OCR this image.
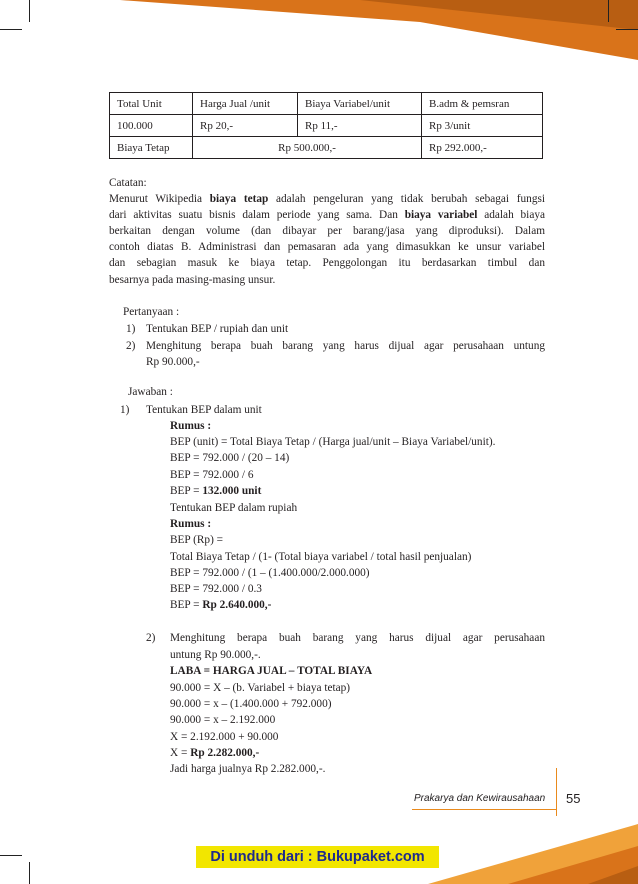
Total Unit	Harga Jual /unit	Biaya Variabel/unit	B.adm & pemsran
100.000	Rp 20,-	Rp 11,-	Rp 3/unit
Biaya Tetap	Rp 500.000,-		Rp 292.000,-
Catatan:
Menurut Wikipedia biaya tetap adalah pengeluran yang tidak berubah sebagai fungsi
dari aktivitas suatu bisnis dalam periode yang sama. Dan biaya variabel adalah biaya
berkaitan dengan volume (dan dibayar per barang/jasa yang diproduksi). Dalam
contoh diatas B. Administrasi dan pemasaran ada yang dimasukkan ke unsur variabel
dan sebagian masuk ke biaya tetap. Penggolongan itu berdasarkan timbul dan
besarnya pada masing-masing unsur.
Pertanyaan :
1) Tentukan BEP / rupiah dan unit
2) Menghitung berapa buah barang yang harus dijual agar perusahaan untung
Rp 90.000,-
Jawaban :
1) Tentukan BEP dalam unit
Rumus :
BEP (unit) = Total Biaya Tetap / (Harga jual/unit – Biaya Variabel/unit).
BEP = 792.000 / (20 – 14)
BEP = 792.000 / 6
BEP = 132.000 unit
Tentukan BEP dalam rupiah
Rumus :
BEP (Rp) =
Total Biaya Tetap / (1- (Total biaya variabel / total hasil penjualan)
BEP = 792.000 / (1 – (1.400.000/2.000.000)
BEP = 792.000 / 0.3
BEP = Rp 2.640.000,-
2) Menghitung berapa buah barang yang harus dijual agar perusahaan
untung Rp 90.000,-.
LABA = HARGA JUAL – TOTAL BIAYA
90.000 = X – (b. Variabel + biaya tetap)
90.000 = x – (1.400.000 + 792.000)
90.000 = x – 2.192.000
X = 2.192.000 + 90.000
X = Rp 2.282.000,-
Jadi harga jualnya Rp 2.282.000,-.
Prakarya dan Kewirausahaan 55
Di unduh dari : Bukupaket.com
